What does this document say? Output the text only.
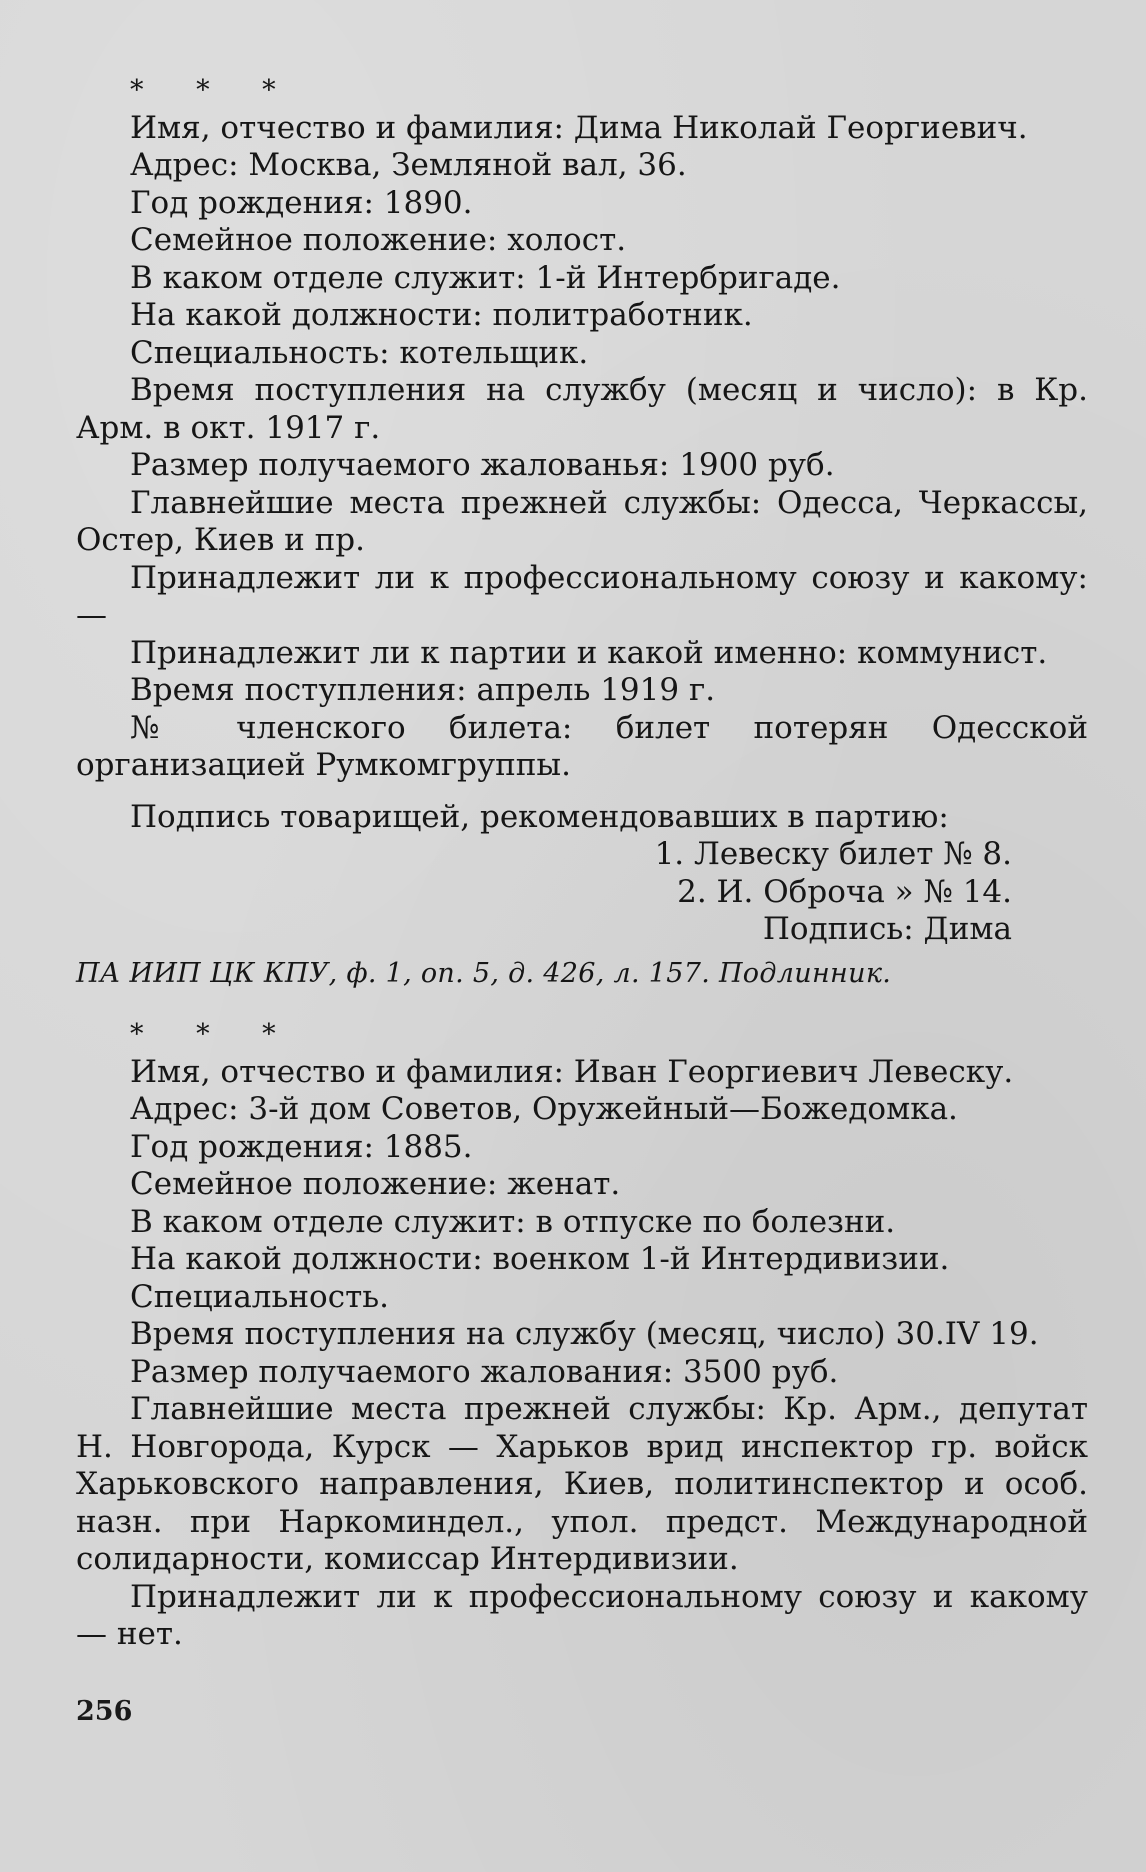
* * *

Имя, отчество и фамилия: Дима Николай Георгиевич.

Адрес: Москва, Земляной вал, 36.

Год рождения: 1890.

Семейное положение: холост.

В каком отделе служит: 1-й Интербригаде.

На какой должности: политработник.

Специальность: котельщик.

Время поступления на службу (месяц и число): в Кр. Арм. в окт. 1917 г.

Размер получаемого жалованья: 1900 руб.

Главнейшие места прежней службы: Одесса, Черкассы, Остер, Киев и пр.

Принадлежит ли к профессиональному союзу и какому:—

Принадлежит ли к партии и какой именно: коммунист.

Время поступления: апрель 1919 г.

№ членского билета: билет потерян Одесской организацией Румкомгруппы.

Подпись товарищей, рекомендовавших в партию:

1. Левеску билет № 8.
2. И. Оброча » № 14.
Подпись: Дима
ПА ИИП ЦК КПУ, ф. 1, оп. 5, д. 426, л. 157. Подлинник.
* * *

Имя, отчество и фамилия: Иван Георгиевич Левеску.

Адрес: 3-й дом Советов, Оружейный—Божедомка.

Год рождения: 1885.

Семейное положение: женат.

В каком отделе служит: в отпуске по болезни.

На какой должности: военком 1-й Интердивизии.

Специальность.

Время поступления на службу (месяц, число) 30.IV 19.

Размер получаемого жалования: 3500 руб.

Главнейшие места прежней службы: Кр. Арм., депутат Н. Новгорода, Курск — Харьков врид инспектор гр. войск Харьковского направления, Киев, политинспектор и особ. назн. при Наркоминдел., упол. предст. Международной солидарности, комиссар Интердивизии.

Принадлежит ли к профессиональному союзу и какому — нет.

256
